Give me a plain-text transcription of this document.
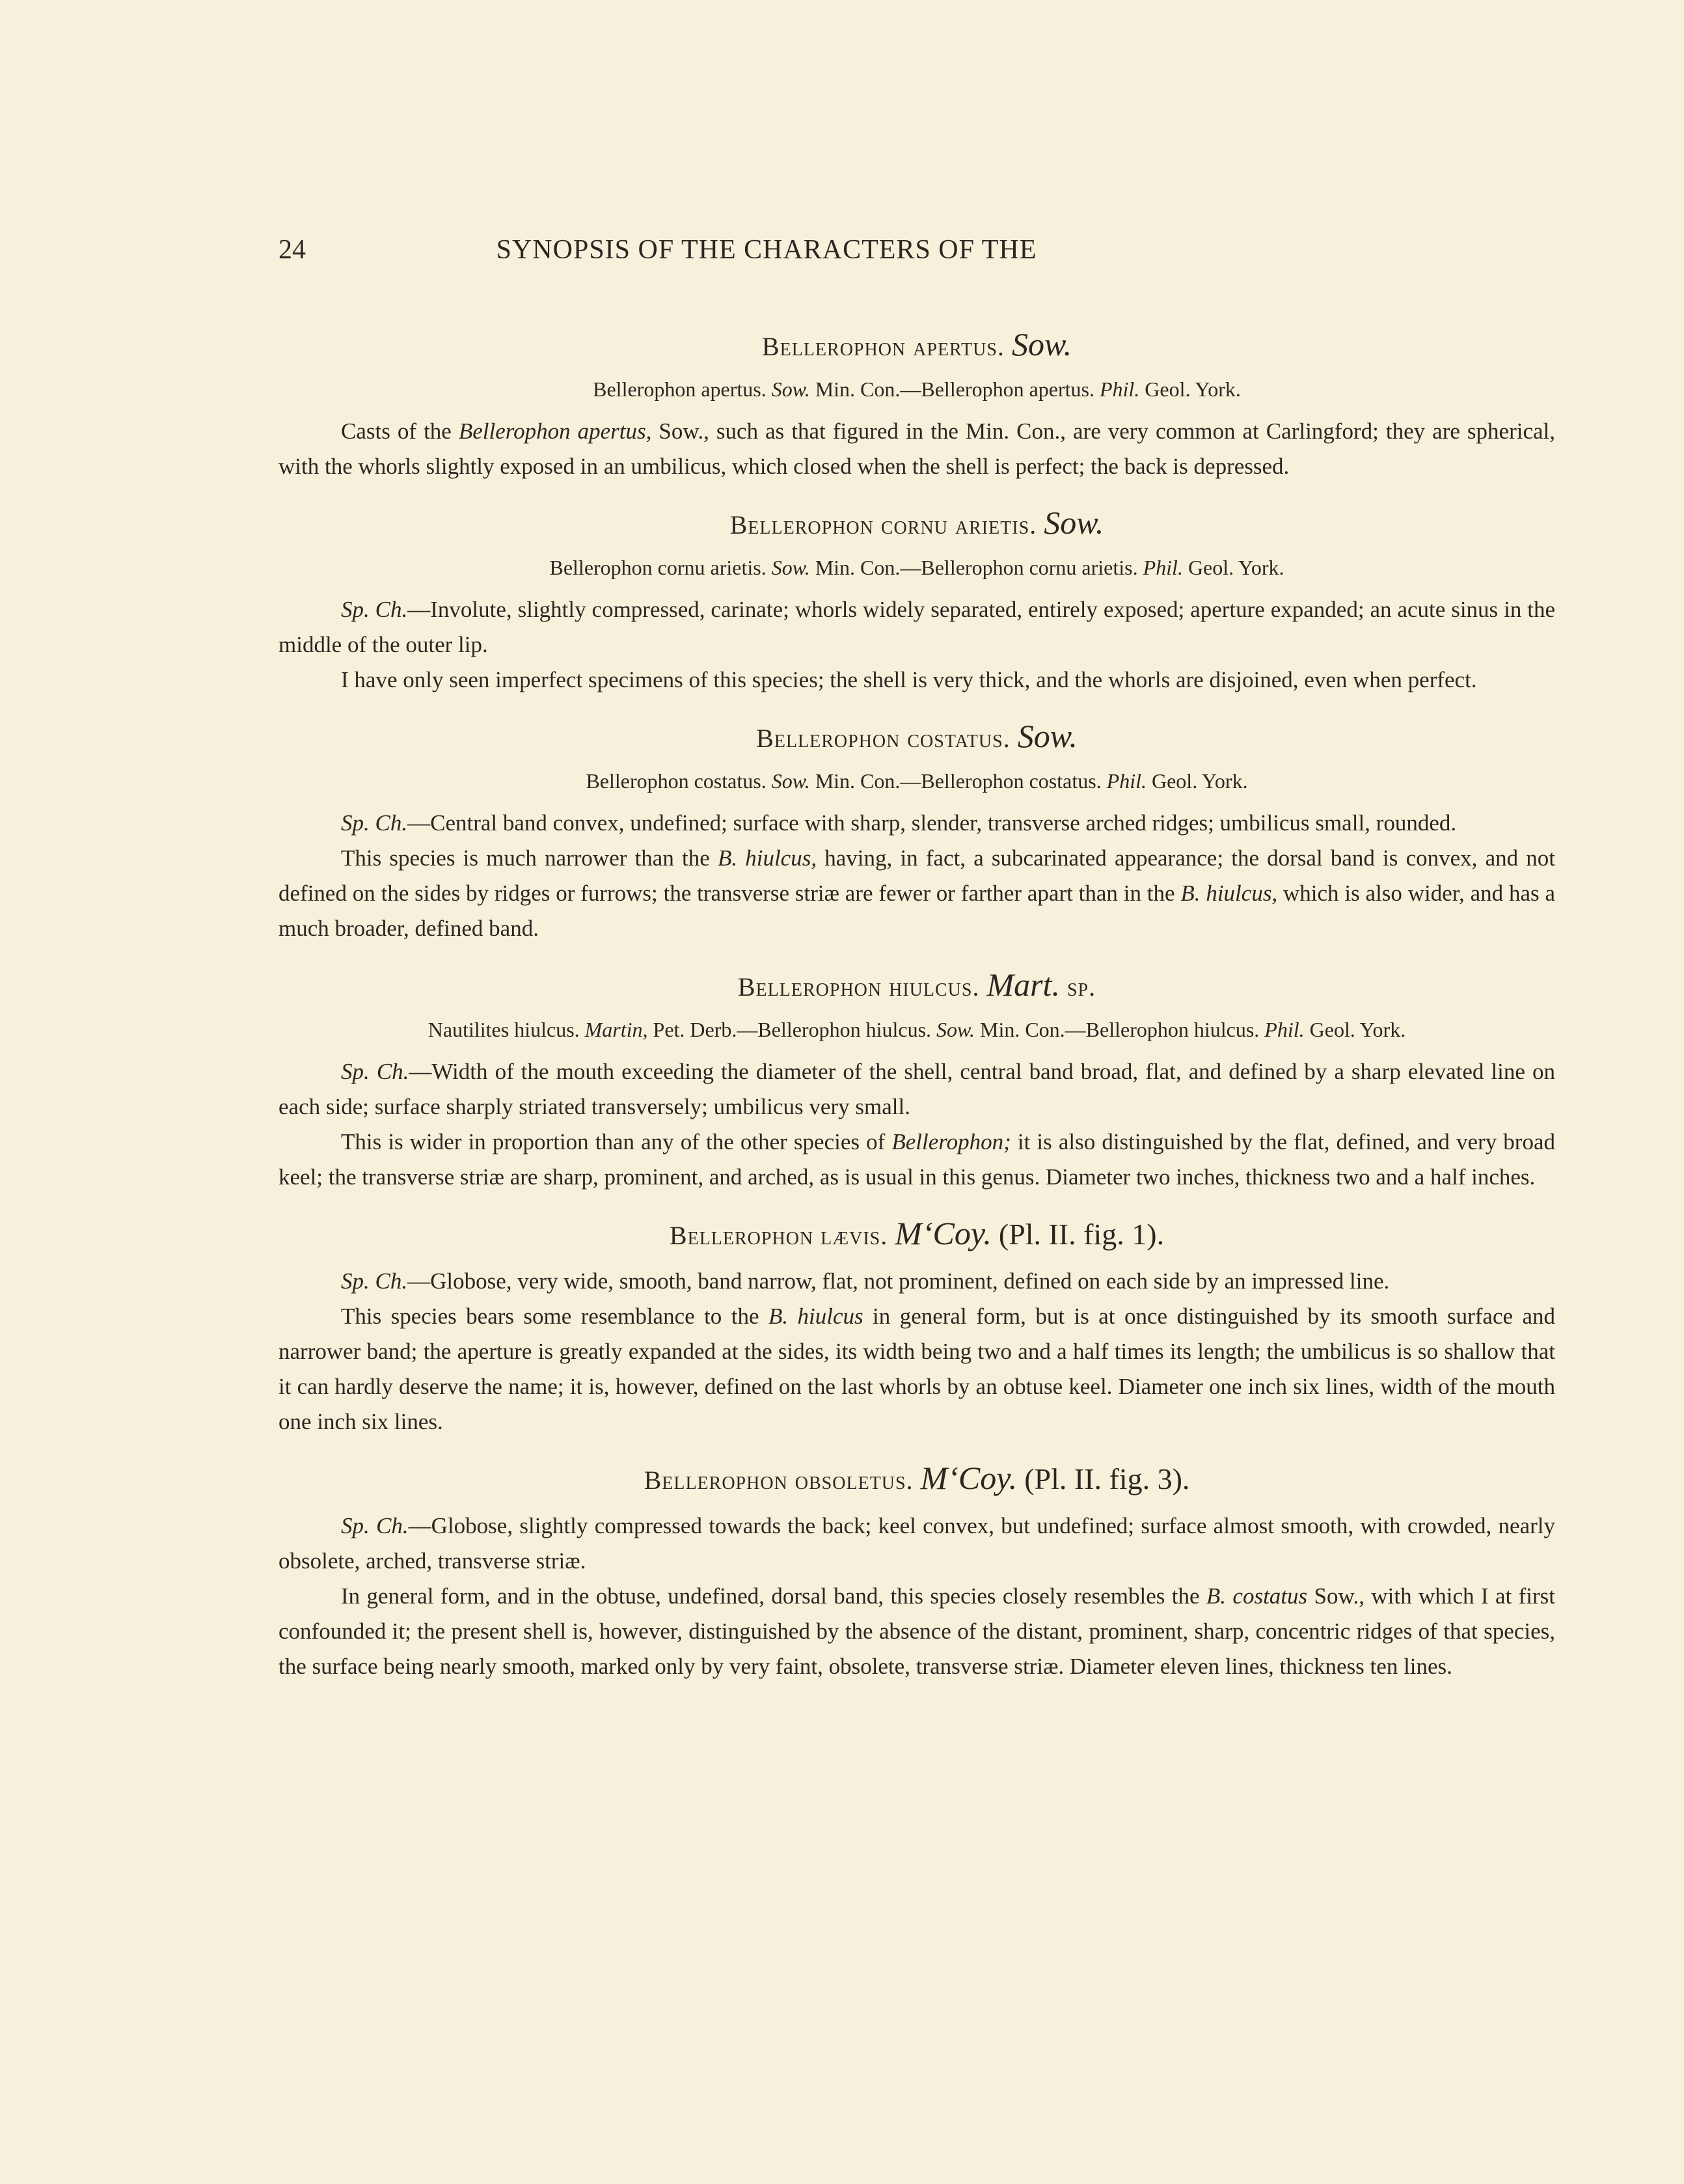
24	SYNOPSIS OF THE CHARACTERS OF THE
Bellerophon apertus. Sow.
Bellerophon apertus. Sow. Min. Con.—Bellerophon apertus. Phil. Geol. York.

Casts of the Bellerophon apertus, Sow., such as that figured in the Min. Con., are very common at Carlingford; they are spherical, with the whorls slightly exposed in an umbilicus, which closed when the shell is perfect; the back is depressed.

Bellerophon cornu arietis. Sow.
Bellerophon cornu arietis. Sow. Min. Con.—Bellerophon cornu arietis. Phil. Geol. York.

Sp. Ch.—Involute, slightly compressed, carinate; whorls widely separated, entirely exposed; aperture expanded; an acute sinus in the middle of the outer lip.

I have only seen imperfect specimens of this species; the shell is very thick, and the whorls are disjoined, even when perfect.

Bellerophon costatus. Sow.
Bellerophon costatus. Sow. Min. Con.—Bellerophon costatus. Phil. Geol. York.

Sp. Ch.—Central band convex, undefined; surface with sharp, slender, transverse arched ridges; umbilicus small, rounded.

This species is much narrower than the B. hiulcus, having, in fact, a subcarinated appearance; the dorsal band is convex, and not defined on the sides by ridges or furrows; the transverse striæ are fewer or farther apart than in the B. hiulcus, which is also wider, and has a much broader, defined band.

Bellerophon hiulcus. Mart. sp.
Nautilites hiulcus. Martin, Pet. Derb.—Bellerophon hiulcus. Sow. Min. Con.—Bellerophon hiulcus. Phil. Geol. York.

Sp. Ch.—Width of the mouth exceeding the diameter of the shell, central band broad, flat, and defined by a sharp elevated line on each side; surface sharply striated transversely; umbilicus very small.

This is wider in proportion than any of the other species of Bellerophon; it is also distinguished by the flat, defined, and very broad keel; the transverse striæ are sharp, prominent, and arched, as is usual in this genus. Diameter two inches, thickness two and a half inches.

Bellerophon lævis. M‘Coy. (Pl. II. fig. 1).

Sp. Ch.—Globose, very wide, smooth, band narrow, flat, not prominent, defined on each side by an impressed line.

This species bears some resemblance to the B. hiulcus in general form, but is at once distinguished by its smooth surface and narrower band; the aperture is greatly expanded at the sides, its width being two and a half times its length; the umbilicus is so shallow that it can hardly deserve the name; it is, however, defined on the last whorls by an obtuse keel. Diameter one inch six lines, width of the mouth one inch six lines.

Bellerophon obsoletus. M‘Coy. (Pl. II. fig. 3).

Sp. Ch.—Globose, slightly compressed towards the back; keel convex, but undefined; surface almost smooth, with crowded, nearly obsolete, arched, transverse striæ.

In general form, and in the obtuse, undefined, dorsal band, this species closely resembles the B. costatus Sow., with which I at first confounded it; the present shell is, however, distinguished by the absence of the distant, prominent, sharp, concentric ridges of that species, the surface being nearly smooth, marked only by very faint, obsolete, transverse striæ. Diameter eleven lines, thickness ten lines.
